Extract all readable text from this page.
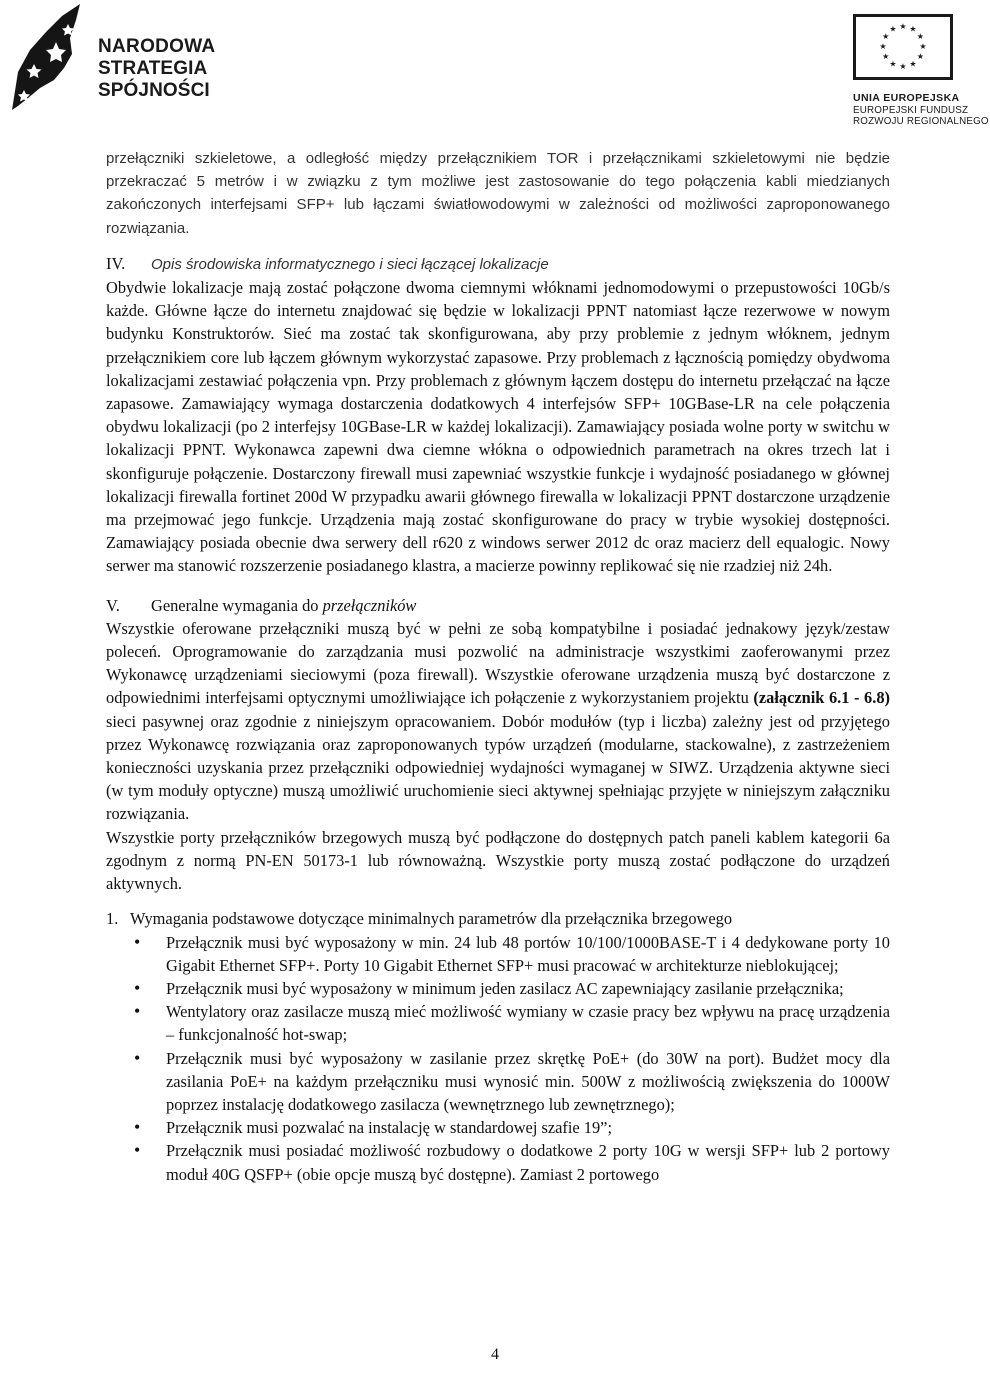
NARODOWA
STRATEGIA SPÓJNOŚCI
★ ★
★
★
★
★
★
★
★
★
★
★
UNIA EUROPEJSKA
EUROPEJSKI FUNDUSZ
ROZWOJU REGIONALNEGO

przełączniki szkieletowe, a odległość między przełącznikiem TOR i przełącznikami szkieletowymi nie będzie przekraczać 5 metrów i w związku z tym możliwe jest zastosowanie do tego połączenia kabli miedzianych zakończonych interfejsami SFP+ lub łączami światłowodowymi w zależności od możliwości zaproponowanego rozwiązania.

IV. Opis środowiska informatycznego i sieci łączącej lokalizacje

Obydwie lokalizacje mają zostać połączone dwoma ciemnymi włóknami jednomodowymi o przepustowości 10Gb/s każde. Główne łącze do internetu znajdować się będzie w lokalizacji PPNT natomiast łącze rezerwowe w nowym budynku Konstruktorów. Sieć ma zostać tak skonfigurowana, aby przy problemie z jednym włóknem, jednym przełącznikiem core lub łączem głównym wykorzystać zapasowe. Przy problemach z łącznością pomiędzy obydwoma lokalizacjami zestawiać połączenia vpn. Przy problemach z głównym łączem dostępu do internetu przełączać na łącze zapasowe. Zamawiający wymaga dostarczenia dodatkowych 4 interfejsów SFP+ 10GBase-LR na cele połączenia obydwu lokalizacji (po 2 interfejsy 10GBase-LR w każdej lokalizacji). Zamawiający posiada wolne porty w switchu w lokalizacji PPNT. Wykonawca zapewni dwa ciemne włókna o odpowiednich parametrach na okres trzech lat i skonfiguruje połączenie. Dostarczony firewall musi zapewniać wszystkie funkcje i wydajność posiadanego w głównej lokalizacji firewalla fortinet 200d W przypadku awarii głównego firewalla w lokalizacji PPNT dostarczone urządzenie ma przejmować jego funkcje. Urządzenia mają zostać skonfigurowane do pracy w trybie wysokiej dostępności. Zamawiający posiada obecnie dwa serwery dell r620 z windows serwer 2012 dc oraz macierz dell equalogic. Nowy serwer ma stanowić rozszerzenie posiadanego klastra, a macierze powinny replikować się nie rzadziej niż 24h.

V. Generalne wymagania do przełączników

Wszystkie oferowane przełączniki muszą być w pełni ze sobą kompatybilne i posiadać jednakowy język/zestaw poleceń. Oprogramowanie do zarządzania musi pozwolić na administracje wszystkimi zaoferowanymi przez Wykonawcę urządzeniami sieciowymi (poza firewall). Wszystkie oferowane urządzenia muszą być dostarczone z odpowiednimi interfejsami optycznymi umożliwiające ich połączenie z wykorzystaniem projektu (załącznik 6.1 - 6.8) sieci pasywnej oraz zgodnie z niniejszym opracowaniem. Dobór modułów (typ i liczba) zależny jest od przyjętego przez Wykonawcę rozwiązania oraz zaproponowanych typów urządzeń (modularne, stackowalne), z zastrzeżeniem konieczności uzyskania przez przełączniki odpowiedniej wydajności wymaganej w SIWZ. Urządzenia aktywne sieci (w tym moduły optyczne) muszą umożliwić uruchomienie sieci aktywnej spełniając przyjęte w niniejszym załączniku rozwiązania.

Wszystkie porty przełączników brzegowych muszą być podłączone do dostępnych patch paneli kablem kategorii 6a zgodnym z normą PN-EN 50173-1 lub równoważną. Wszystkie porty muszą zostać podłączone do urządzeń aktywnych.

1. Wymagania podstawowe dotyczące minimalnych parametrów dla przełącznika brzegowego
• Przełącznik musi być wyposażony w min. 24 lub 48 portów 10/100/1000BASE-T i 4 dedykowane porty 10 Gigabit Ethernet SFP+. Porty 10 Gigabit Ethernet SFP+ musi pracować w architekturze nieblokującej;
• Przełącznik musi być wyposażony w minimum jeden zasilacz AC zapewniający zasilanie przełącznika;
• Wentylatory oraz zasilacze muszą mieć możliwość wymiany w czasie pracy bez wpływu na pracę urządzenia – funkcjonalność hot-swap;
• Przełącznik musi być wyposażony w zasilanie przez skrętkę PoE+ (do 30W na port). Budżet mocy dla zasilania PoE+ na każdym przełączniku musi wynosić min. 500W z możliwością zwiększenia do 1000W poprzez instalację dodatkowego zasilacza (wewnętrznego lub zewnętrznego);
• Przełącznik musi pozwalać na instalację w standardowej szafie 19”;
• Przełącznik musi posiadać możliwość rozbudowy o dodatkowe 2 porty 10G w wersji SFP+ lub 2 portowy moduł 40G QSFP+ (obie opcje muszą być dostępne). Zamiast 2 portowego
4
